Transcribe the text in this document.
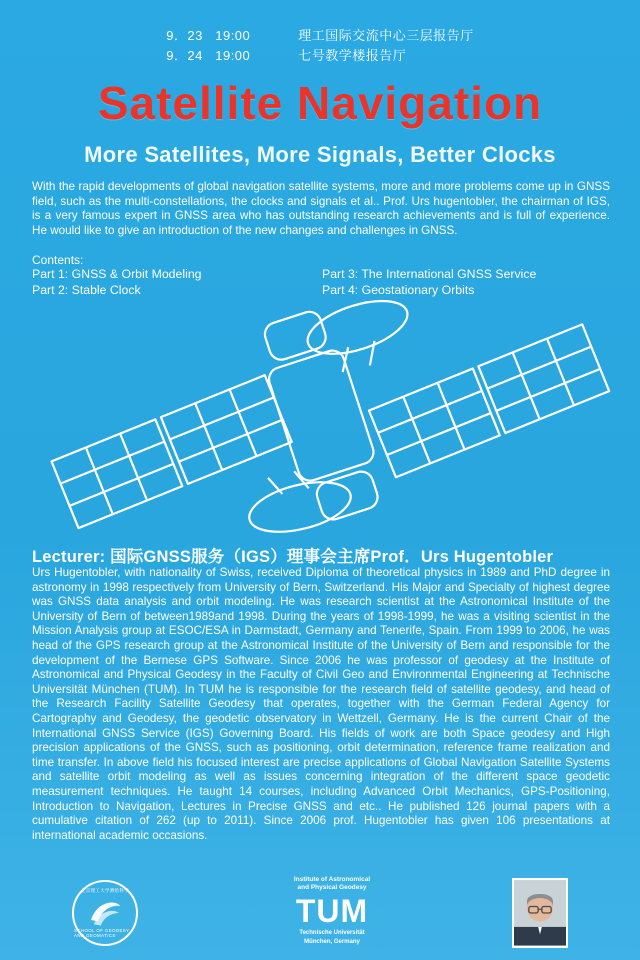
9．23   19:00
9．24   19:00
理工国际交流中心三层报告厅
七号教学楼报告厅
Satellite Navigation
More Satellites, More Signals, Better Clocks
With the rapid developments of global navigation satellite systems, more and more problems come up in GNSS field, such as the multi-constellations, the clocks and signals et al.. Prof. Urs hugentobler, the chairman of IGS, is a very famous expert in GNSS area who has outstanding research achievements and is full of experience. He would like to give an introduction of the new changes and challenges in GNSS.
Contents:
Part 1: GNSS & Orbit Modeling
Part 2: Stable Clock
Part 3: The International GNSS Service
Part 4: Geostationary Orbits
Lecturer: 国际GNSS服务（IGS）理事会主席Prof．Urs Hugentobler
Urs Hugentobler, with nationality of Swiss, received Diploma of theoretical physics in 1989 and PhD degree in astronomy in 1998 respectively from University of Bern, Switzerland. His Major and Specialty of highest degree was GNSS data analysis and orbit modeling. He was research scientist at the Astronomical Institute of the University of Bern of between1989and 1998. During the years of 1998-1999, he was a visiting scientist in the Mission Analysis group at ESOC/ESA in Darmstadt, Germany and Tenerife, Spain. From 1999 to 2006, he was head of the GPS research group at the Astronomical Institute of the University of Bern and responsible for the development of the Bernese GPS Software. Since 2006 he was professor of geodesy at the Institute of Astronomical and Physical Geodesy in the Faculty of Civil Geo and Environmental Engineering at Technische Universität München (TUM). In TUM he is responsible for the research field of satellite geodesy, and head of the Research Facility Satellite Geodesy that operates, together with the German Federal Agency for Cartography and Geodesy, the geodetic observatory in Wettzell, Germany. He is the current Chair of the International GNSS Service (IGS) Governing Board. His fields of work are both Space geodesy and High precision applications of the GNSS, such as positioning, orbit determination, reference frame realization and time transfer. In above field his focused interest are precise applications of Global Navigation Satellite Systems and satellite orbit modeling as well as issues concerning integration of the different space geodetic measurement techniques. He taught 14 courses, including Advanced Orbit Mechanics, GPS-Positioning, Introduction to Navigation, Lectures in Precise GNSS and etc.. He published 126 journal papers with a cumulative citation of 262 (up to 2011). Since 2006 prof. Hugentobler has given 106 presentations at international academic occasions.
北京理工大学测绘科学
SCHOOL OF GEODESY AND GEOMATICS
Institute of Astronomical
and Physical Geodesy
TUM
Technische Universität
München, Germany
